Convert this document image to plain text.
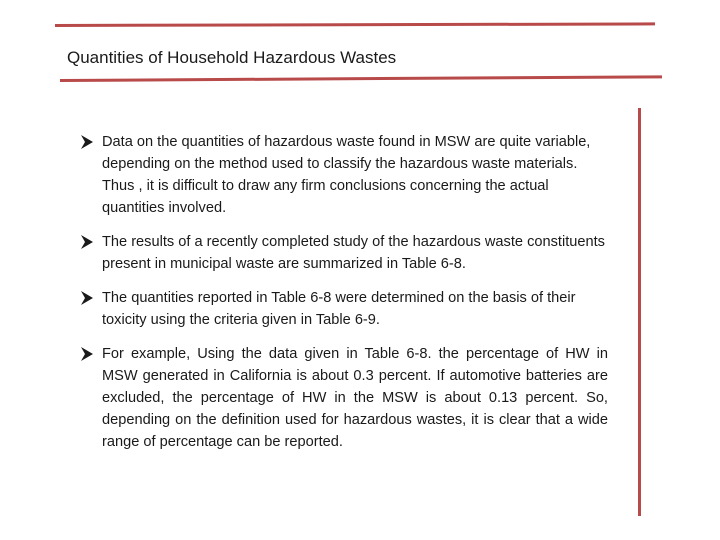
Quantities of Household Hazardous Wastes
Data on the quantities of hazardous waste found in MSW are quite variable, depending on the method used to classify the hazardous waste materials. Thus , it is difficult to draw any firm conclusions concerning the actual quantities involved.
The results of a recently completed study of the hazardous waste constituents present in municipal waste are summarized in Table 6-8.
The quantities reported in Table 6-8 were determined on the basis of their toxicity using the criteria given in Table 6-9.
For example, Using the data given in Table 6-8. the percentage of HW in MSW generated in California is about 0.3 percent. If automotive batteries are excluded, the percentage of HW in the MSW is about 0.13 percent. So, depending on the definition used for hazardous wastes, it is clear that a wide range of percentage can be reported.
